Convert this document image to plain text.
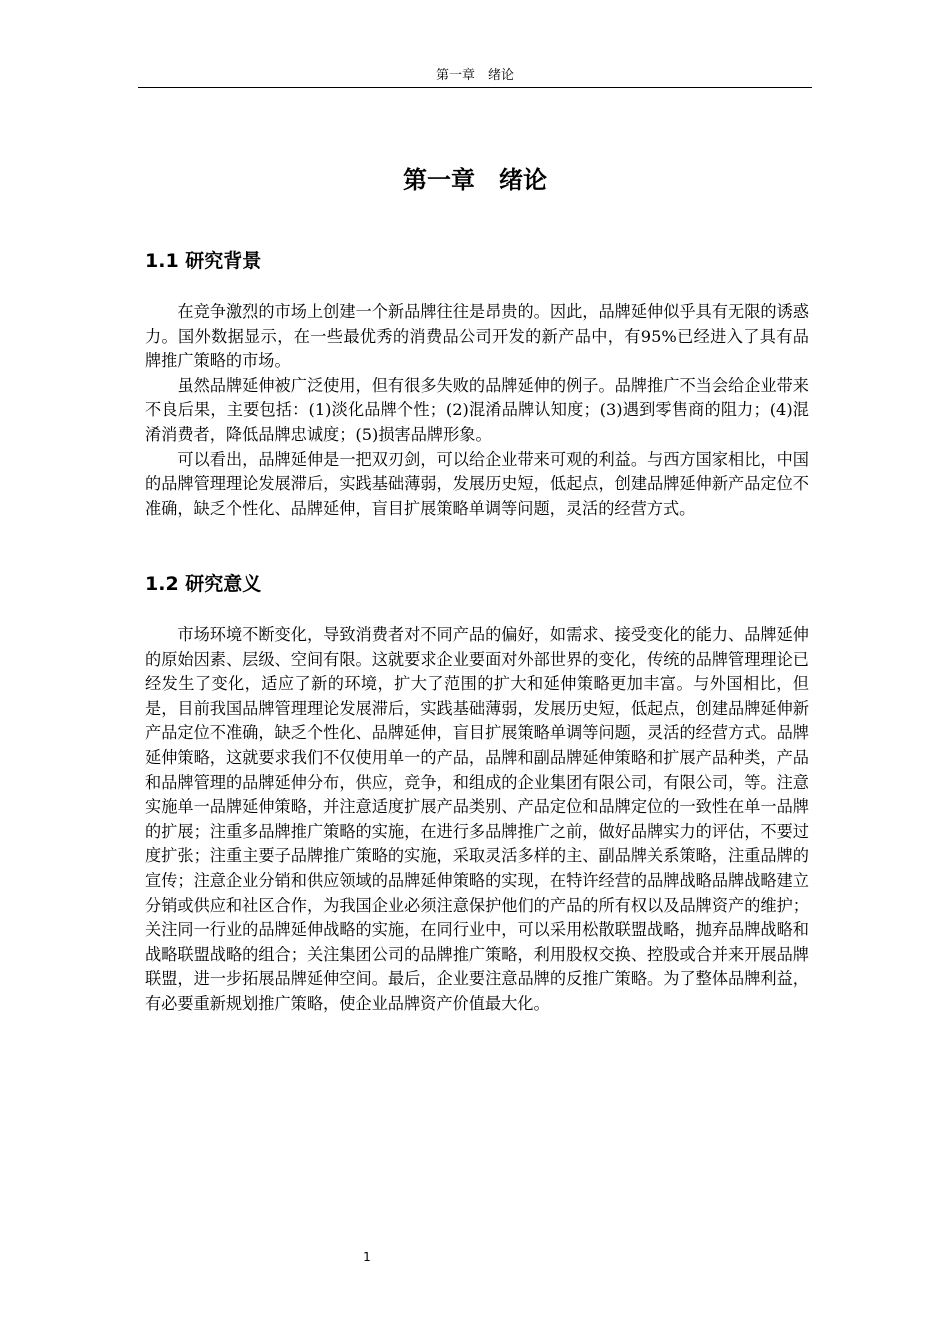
第一章　绪论
第一章　绪论
1.1 研究背景

在竞争激烈的市场上创建一个新品牌往往是昂贵的。因此，品牌延伸似乎具有无限的诱惑力。国外数据显示，在一些最优秀的消费品公司开发的新产品中，有95%已经进入了具有品牌推广策略的市场。

虽然品牌延伸被广泛使用，但有很多失败的品牌延伸的例子。品牌推广不当会给企业带来不良后果，主要包括：(1)淡化品牌个性；(2)混淆品牌认知度；(3)遇到零售商的阻力；(4)混淆消费者，降低品牌忠诚度；(5)损害品牌形象。

可以看出，品牌延伸是一把双刃剑，可以给企业带来可观的利益。与西方国家相比，中国的品牌管理理论发展滞后，实践基础薄弱，发展历史短，低起点，创建品牌延伸新产品定位不准确，缺乏个性化、品牌延伸，盲目扩展策略单调等问题，灵活的经营方式。

1.2 研究意义

市场环境不断变化，导致消费者对不同产品的偏好，如需求、接受变化的能力、品牌延伸的原始因素、层级、空间有限。这就要求企业要面对外部世界的变化，传统的品牌管理理论已经发生了变化，适应了新的环境，扩大了范围的扩大和延伸策略更加丰富。与外国相比，但是，目前我国品牌管理理论发展滞后，实践基础薄弱，发展历史短，低起点，创建品牌延伸新产品定位不准确，缺乏个性化、品牌延伸，盲目扩展策略单调等问题，灵活的经营方式。品牌延伸策略，这就要求我们不仅使用单一的产品，品牌和副品牌延伸策略和扩展产品种类，产品和品牌管理的品牌延伸分布，供应，竞争，和组成的企业集团有限公司，有限公司，等。注意实施单一品牌延伸策略，并注意适度扩展产品类别、产品定位和品牌定位的一致性在单一品牌的扩展；注重多品牌推广策略的实施，在进行多品牌推广之前，做好品牌实力的评估，不要过度扩张；注重主要子品牌推广策略的实施，采取灵活多样的主、副品牌关系策略，注重品牌的宣传；注意企业分销和供应领域的品牌延伸策略的实现，在特许经营的品牌战略品牌战略建立分销或供应和社区合作，为我国企业必须注意保护他们的产品的所有权以及品牌资产的维护；关注同一行业的品牌延伸战略的实施，在同行业中，可以采用松散联盟战略，抛弃品牌战略和战略联盟战略的组合；关注集团公司的品牌推广策略，利用股权交换、控股或合并来开展品牌联盟，进一步拓展品牌延伸空间。最后，企业要注意品牌的反推广策略。为了整体品牌利益，有必要重新规划推广策略，使企业品牌资产价值最大化。

1
